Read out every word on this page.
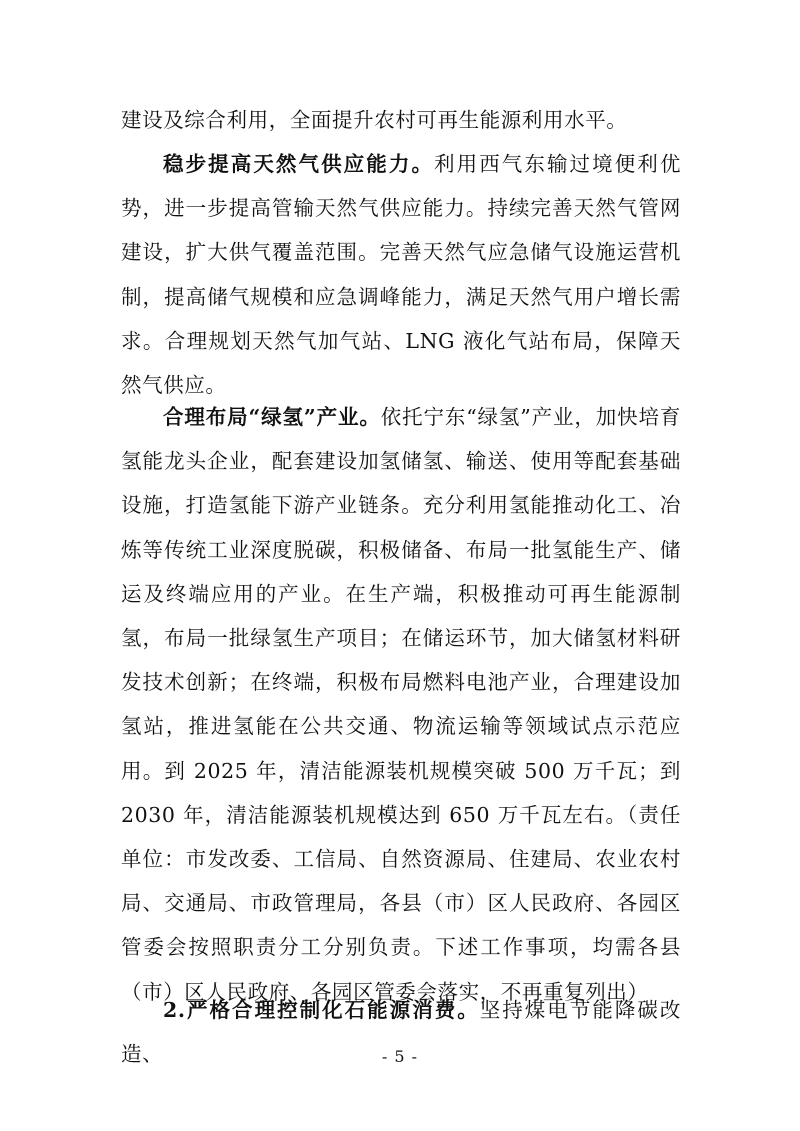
建设及综合利用，全面提升农村可再生能源利用水平。

稳步提高天然气供应能力。利用西气东输过境便利优势，进一步提高管输天然气供应能力。持续完善天然气管网建设，扩大供气覆盖范围。完善天然气应急储气设施运营机制，提高储气规模和应急调峰能力，满足天然气用户增长需求。合理规划天然气加气站、LNG 液化气站布局，保障天然气供应。

合理布局“绿氢”产业。依托宁东“绿氢”产业，加快培育氢能龙头企业，配套建设加氢储氢、输送、使用等配套基础设施，打造氢能下游产业链条。充分利用氢能推动化工、冶炼等传统工业深度脱碳，积极储备、布局一批氢能生产、储运及终端应用的产业。在生产端，积极推动可再生能源制氢，布局一批绿氢生产项目；在储运环节，加大储氢材料研发技术创新；在终端，积极布局燃料电池产业，合理建设加氢站，推进氢能在公共交通、物流运输等领域试点示范应用。到 2025 年，清洁能源装机规模突破 500 万千瓦；到 2030 年，清洁能源装机规模达到 650 万千瓦左右。（责任单位：市发改委、工信局、自然资源局、住建局、农业农村局、交通局、市政管理局，各县（市）区人民政府、各园区管委会按照职责分工分别负责。下述工作事项，均需各县（市）区人民政府、各园区管委会落实，不再重复列出）

2.严格合理控制化石能源消费。坚持煤电节能降碳改造、	- 5 -
